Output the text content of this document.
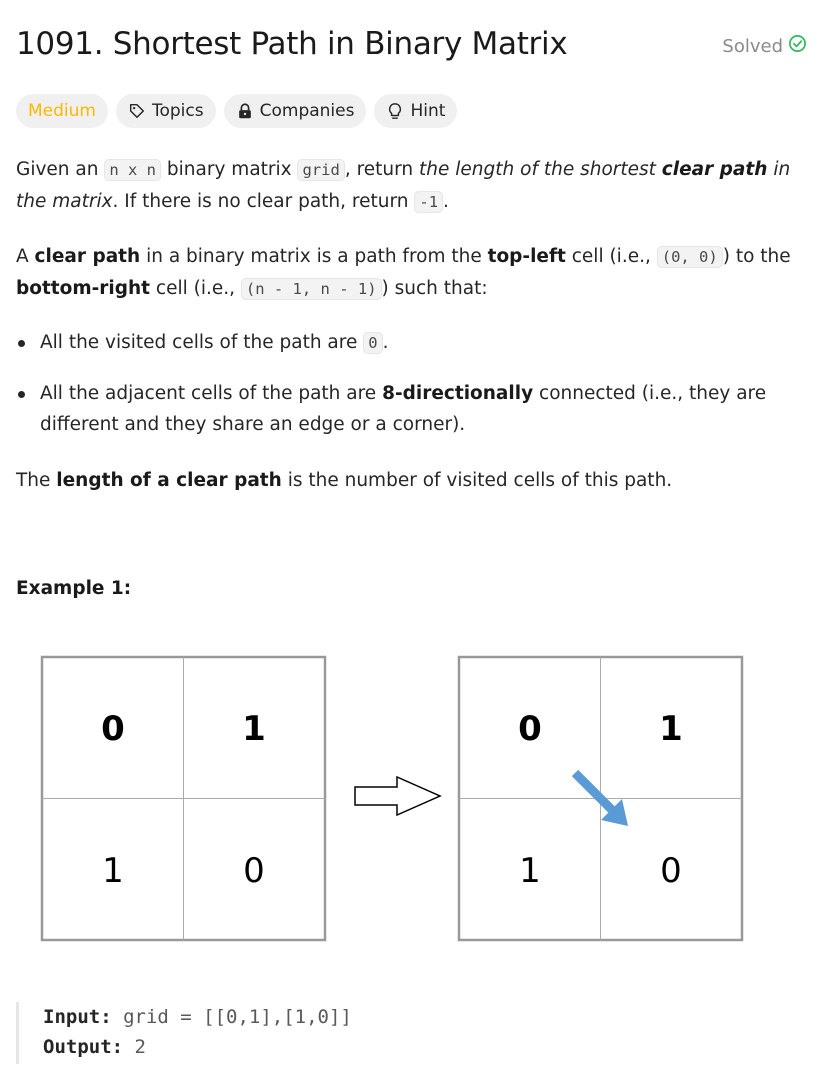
1091. Shortest Path in Binary Matrix	Solved
Medium	Topics	Companies	Hint

Given an n x n binary matrix grid , return the length of the shortest clear path in the matrix. If there is no clear path, return -1 .

A clear path in a binary matrix is a path from the top-left cell (i.e., (0, 0) ) to the bottom-right cell (i.e., (n - 1, n - 1) ) such that:

All the visited cells of the path are 0 .
All the adjacent cells of the path are 8-directionally connected (i.e., they are different and they share an edge or a corner).

The length of a clear path is the number of visited cells of this path.

Example 1:
0	1
1	0
0	1
1	0
Input: grid = [[0,1],[1,0]]
Output: 2
